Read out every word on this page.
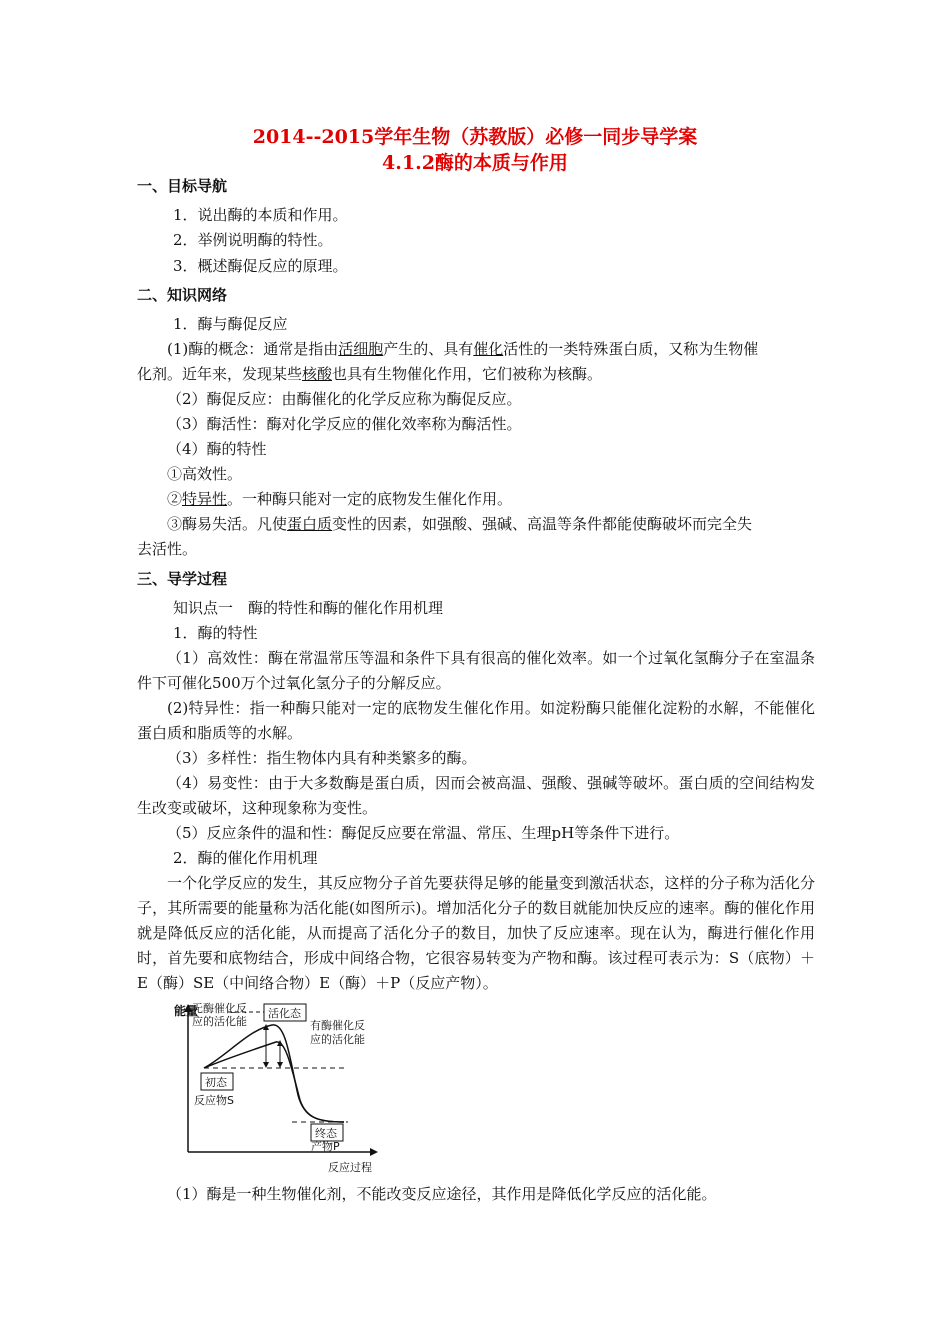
2014--2015学年生物（苏教版）必修一同步导学案
4.1.2酶的本质与作用
一、目标导航
1．说出酶的本质和作用。
2．举例说明酶的特性。
3．概述酶促反应的原理。
二、知识网络
1．酶与酶促反应
(1)酶的概念：通常是指由活细胞产生的、具有催化活性的一类特殊蛋白质，又称为生物催
化剂。近年来，发现某些核酸也具有生物催化作用，它们被称为核酶。
（2）酶促反应：由酶催化的化学反应称为酶促反应。
（3）酶活性：酶对化学反应的催化效率称为酶活性。
（4）酶的特性
①高效性。
②特异性。一种酶只能对一定的底物发生催化作用。
③酶易失活。凡使蛋白质变性的因素，如强酸、强碱、高温等条件都能使酶破坏而完全失
去活性。
三、导学过程
知识点一　酶的特性和酶的催化作用机理
1．酶的特性
（1）高效性：酶在常温常压等温和条件下具有很高的催化效率。如一个过氧化氢酶分子在室温条件下可催化500万个过氧化氢分子的分解反应。
(2)特异性：指一种酶只能对一定的底物发生催化作用。如淀粉酶只能催化淀粉的水解，不能催化蛋白质和脂质等的水解。
（3）多样性：指生物体内具有种类繁多的酶。
（4）易变性：由于大多数酶是蛋白质，因而会被高温、强酸、强碱等破坏。蛋白质的空间结构发生改变或破坏，这种现象称为变性。
（5）反应条件的温和性：酶促反应要在常温、常压、生理pH等条件下进行。
2．酶的催化作用机理
一个化学反应的发生，其反应物分子首先要获得足够的能量变到激活状态，这样的分子称为活化分子，其所需要的能量称为活化能(如图所示)。增加活化分子的数目就能加快反应的速率。酶的催化作用就是降低反应的活化能，从而提高了活化分子的数目，加快了反应速率。现在认为，酶进行催化作用时，首先要和底物结合，形成中间络合物，它很容易转变为产物和酶。该过程可表示为：S（底物）＋E（酶）SE（中间络合物）E（酶）＋P（反应产物）。
能量
反应过程
无酶催化反
应的活化能
活化态
有酶催化反
应的活化能
初态
反应物S
终态
产物P
（1）酶是一种生物催化剂，不能改变反应途径，其作用是降低化学反应的活化能。
